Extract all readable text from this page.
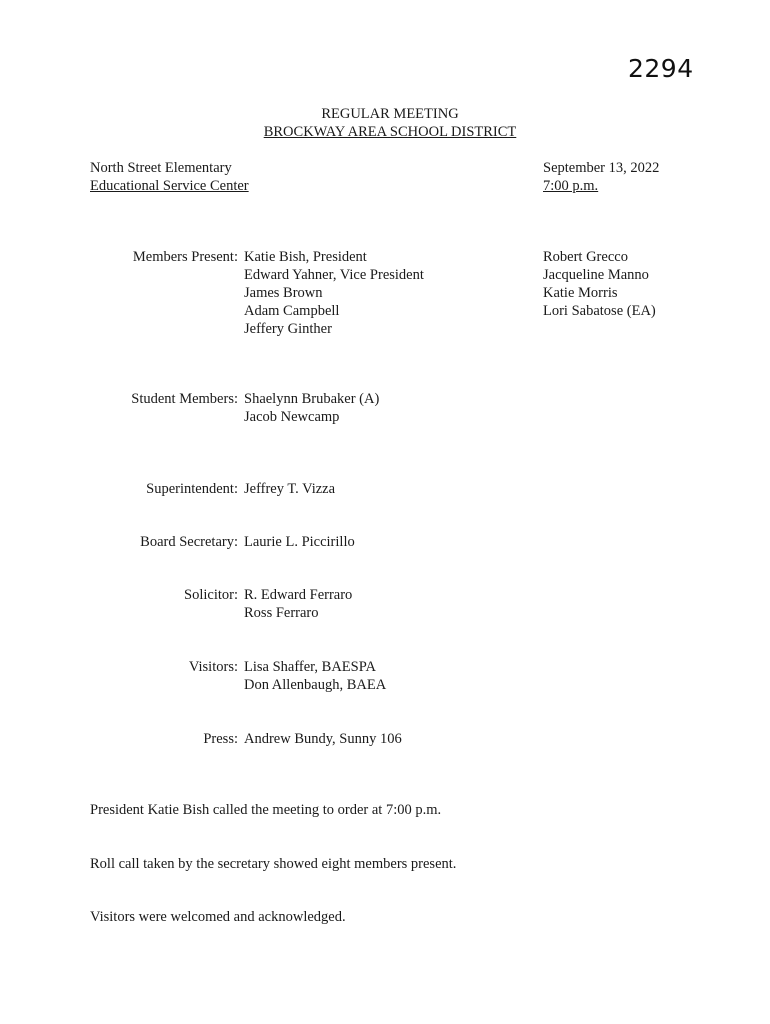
2294
REGULAR MEETING
BROCKWAY AREA SCHOOL DISTRICT
North Street Elementary
Educational Service Center
September 13, 2022
7:00 p.m.
Members Present: Katie Bish, President
Edward Yahner, Vice President
James Brown
Adam Campbell
Jeffery Ginther
Robert Grecco
Jacqueline Manno
Katie Morris
Lori Sabatose (EA)
Student Members: Shaelynn Brubaker (A)
Jacob Newcamp
Superintendent: Jeffrey T. Vizza
Board Secretary: Laurie L. Piccirillo
Solicitor: R. Edward Ferraro
Ross Ferraro
Visitors: Lisa Shaffer, BAESPA
Don Allenbaugh, BAEA
Press: Andrew Bundy, Sunny 106
President Katie Bish called the meeting to order at 7:00 p.m.
Roll call taken by the secretary showed eight members present.
Visitors were welcomed and acknowledged.
